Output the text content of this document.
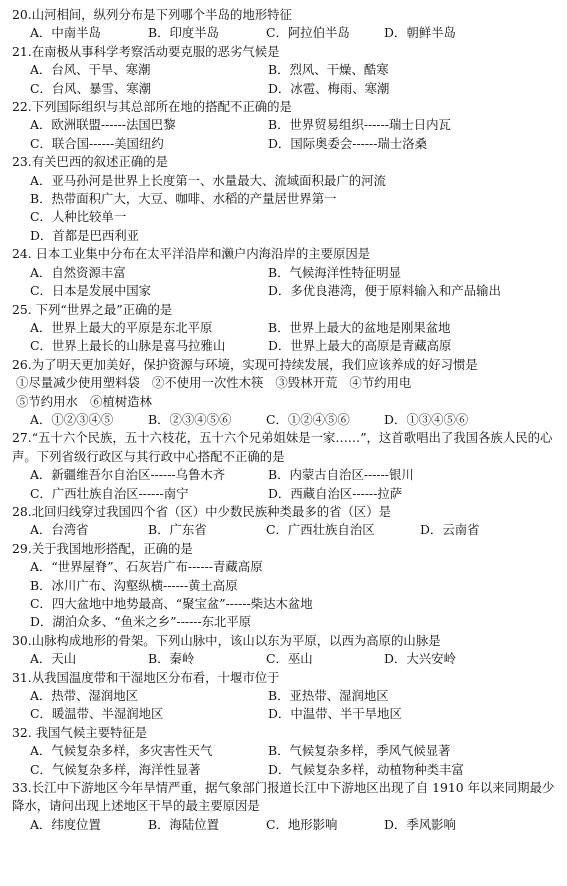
20.山河相间，纵列分布是下列哪个半岛的地形特征
A．中南半岛	B．印度半岛	C．阿拉伯半岛	D．朝鲜半岛
21.在南极从事科学考察活动要克服的恶劣气候是
A．台风、干旱、寒潮	B．烈风、干燥、酷寒
C．台风、暴雪、寒潮	D．冰雹、梅雨、寒潮
22.下列国际组织与其总部所在地的搭配不正确的是
A．欧洲联盟------法国巴黎	B．世界贸易组织------瑞士日内瓦
C．联合国------美国纽约	D．国际奥委会------瑞士洛桑
23.有关巴西的叙述正确的是
A．亚马孙河是世界上长度第一、水量最大、流域面积最广的河流
B．热带面积广大，大豆、咖啡、水稻的产量居世界第一
C．人种比较单一
D．首都是巴西利亚
24. 日本工业集中分布在太平洋沿岸和濑户内海沿岸的主要原因是
A．自然资源丰富	B．气候海洋性特征明显
C．日本是发展中国家	D．多优良港湾，便于原料输入和产品输出
25. 下列“世界之最”正确的是
A．世界上最大的平原是东北平原	B．世界上最大的盆地是刚果盆地
C．世界上最长的山脉是喜马拉雅山	D．世界上最大的高原是青藏高原
26.为了明天更加美好，保护资源与环境，实现可持续发展，我们应该养成的好习惯是
①尽量减少使用塑料袋 ②不使用一次性木筷 ③毁林开荒 ④节约用电
⑤节约用水 ⑥植树造林
A．①②③④⑤	B．②③④⑤⑥	C．①②④⑤⑥	D．①③④⑤⑥
27.“五十六个民族，五十六枝花，五十六个兄弟姐妹是一家……”，这首歌唱出了我国各族人民的心声。下列省级行政区与其行政中心搭配不正确的是
A．新疆维吾尔自治区------乌鲁木齐	B．内蒙古自治区------银川
C．广西壮族自治区------南宁	D．西藏自治区------拉萨
28.北回归线穿过我国四个省（区）中少数民族种类最多的省（区）是
A．台湾省	B．广东省	C．广西壮族自治区	D．云南省
29.关于我国地形搭配，正确的是
A．“世界屋脊”、石灰岩广布------青藏高原
B．冰川广布、沟壑纵横------黄土高原
C．四大盆地中地势最高、“聚宝盆”------柴达木盆地
D．湖泊众多、“鱼米之乡”------东北平原
30.山脉构成地形的骨架。下列山脉中，该山以东为平原，以西为高原的山脉是
A．天山	B．秦岭	C．巫山	D．大兴安岭
31.从我国温度带和干湿地区分布看，十堰市位于
A．热带、湿润地区	B．亚热带、湿润地区
C．暖温带、半湿润地区	D．中温带、半干旱地区
32. 我国气候主要特征是
A．气候复杂多样，多灾害性天气	B．气候复杂多样，季风气候显著
C．气候复杂多样，海洋性显著	D．气候复杂多样，动植物种类丰富
33.长江中下游地区今年旱情严重，据气象部门报道长江中下游地区出现了自 1910 年以来同期最少降水，请问出现上述地区干旱的最主要原因是
A．纬度位置	B．海陆位置	C．地形影响	D．季风影响
